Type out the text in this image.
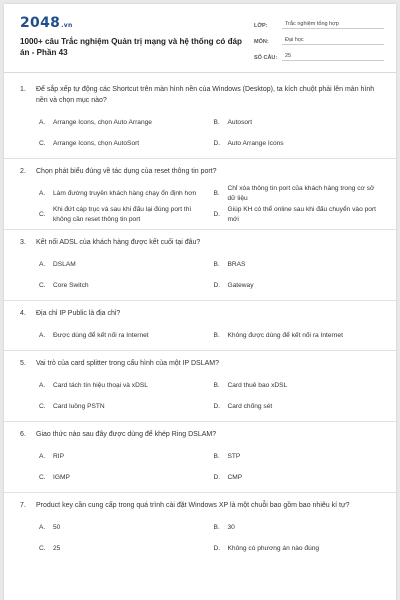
2048.vn
1000+ câu Trắc nghiệm Quản trị mạng và hệ thống có đáp án - Phần 43
LỚP:	Trắc nghiệm tổng hợp
MÔN:	Đại học
SỐ CÂU:	25
1.	Để sắp xếp tự động các Shortcut trên màn hình nền của Windows (Desktop), ta kích chuột phải lên màn hình nền và chọn mục nào?
A.	Arrange Icons, chọn Auto Arrange	B.	Autosort
C.	Arrange Icons, chọn AutoSort	D.	Auto Arrange Icons
2.	Chọn phát biểu đúng về tác dụng của reset thông tin port?
A.	Làm đường truyền khách hàng chạy ổn định hơn	B.
Chỉ xóa thông tin port của khách hàng trong cơ sở dữ liệu
C.
Khi đứt cáp trục và sau khi đấu lại đúng port thì không cần reset thông tin port
D.
Giúp KH có thể online sau khi đấu chuyển vào port mới
3.	Kết nối ADSL của khách hàng được kết cuối tại đâu?
A.	DSLAM	B.	BRAS
C.	Core Switch	D.	Gateway
4.	Địa chỉ IP Public là địa chỉ?
A.	Được dùng để kết nối ra Internet	B.	Không được dùng để kết nối ra Internet
5.	Vai trò của card splitter trong cấu hình của một IP DSLAM?
A.	Card tách tín hiệu thoại và xDSL	B.	Card thuê bao xDSL
C.	Card luồng PSTN	D.	Card chống sét
6.	Giao thức nào sau đây được dùng để khép Ring DSLAM?
A.	RIP	B.	STP
C.	IGMP	D.	CMP
7.	Product key cần cung cấp trong quá trình cài đặt Windows XP là một chuỗi bao gồm bao nhiêu kí tự?
A.	50	B.	30
C.	25	D.	Không có phương án nào đúng
